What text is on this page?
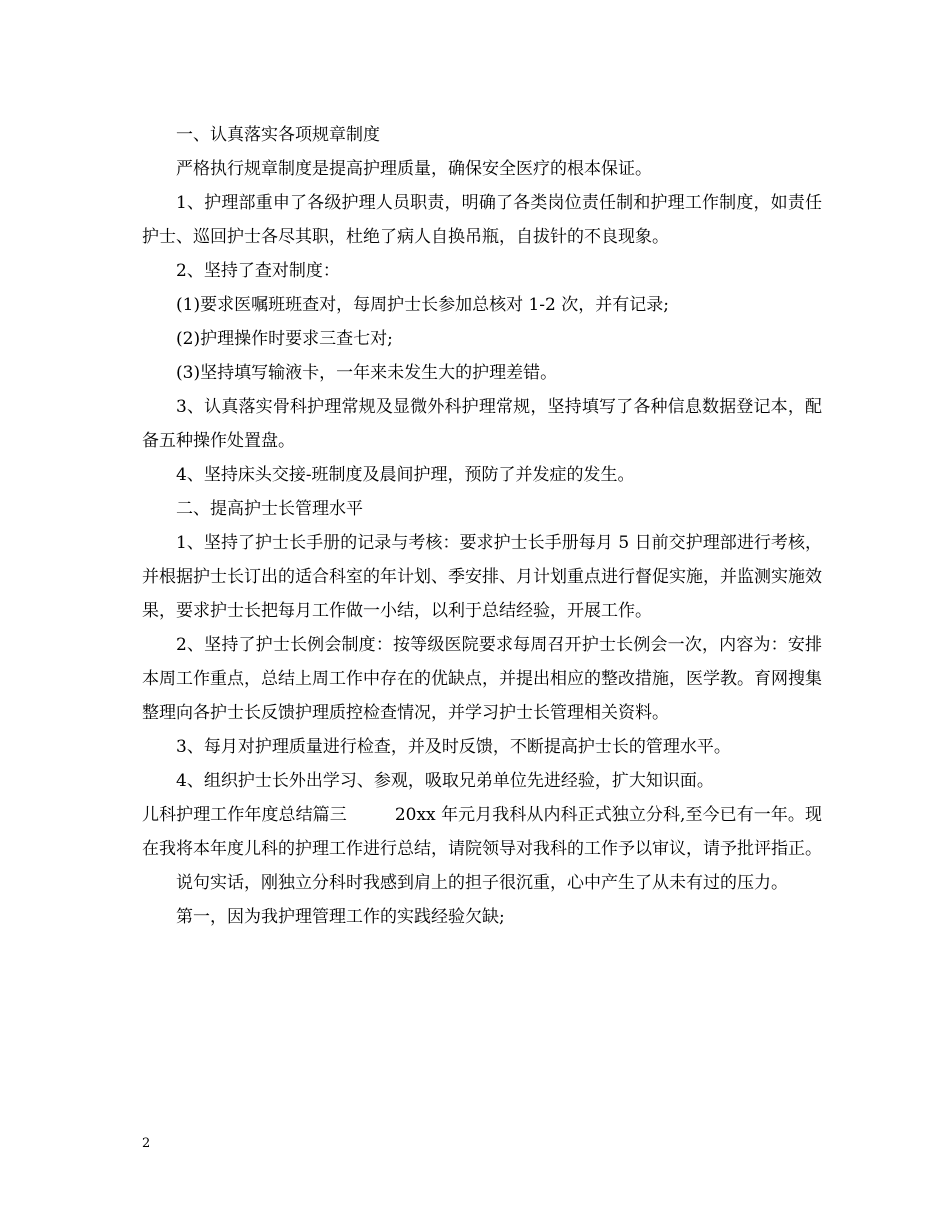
一、认真落实各项规章制度

严格执行规章制度是提高护理质量，确保安全医疗的根本保证。

1、护理部重申了各级护理人员职责，明确了各类岗位责任制和护理工作制度，如责任护士、巡回护士各尽其职，杜绝了病人自换吊瓶，自拔针的不良现象。

2、坚持了查对制度：

(1)要求医嘱班班查对，每周护士长参加总核对 1-2 次，并有记录;

(2)护理操作时要求三查七对;

(3)坚持填写输液卡，一年来未发生大的护理差错。

3、认真落实骨科护理常规及显微外科护理常规，坚持填写了各种信息数据登记本，配备五种操作处置盘。

4、坚持床头交接-班制度及晨间护理，预防了并发症的发生。

二、提高护士长管理水平

1、坚持了护士长手册的记录与考核：要求护士长手册每月 5 日前交护理部进行考核，并根据护士长订出的适合科室的年计划、季安排、月计划重点进行督促实施，并监测实施效果，要求护士长把每月工作做一小结，以利于总结经验，开展工作。

2、坚持了护士长例会制度：按等级医院要求每周召开护士长例会一次，内容为：安排本周工作重点，总结上周工作中存在的优缺点，并提出相应的整改措施，医学教。育网搜集整理向各护士长反馈护理质控检查情况，并学习护士长管理相关资料。

3、每月对护理质量进行检查，并及时反馈，不断提高护士长的管理水平。

4、组织护士长外出学习、参观，吸取兄弟单位先进经验，扩大知识面。

儿科护理工作年度总结篇三	20xx 年元月我科从内科正式独立分科,至今已有一年。现在我将本年度儿科的护理工作进行总结，请院领导对我科的工作予以审议，请予批评指正。

说句实话，刚独立分科时我感到肩上的担子很沉重，心中产生了从未有过的压力。

第一，因为我护理管理工作的实践经验欠缺;

2
